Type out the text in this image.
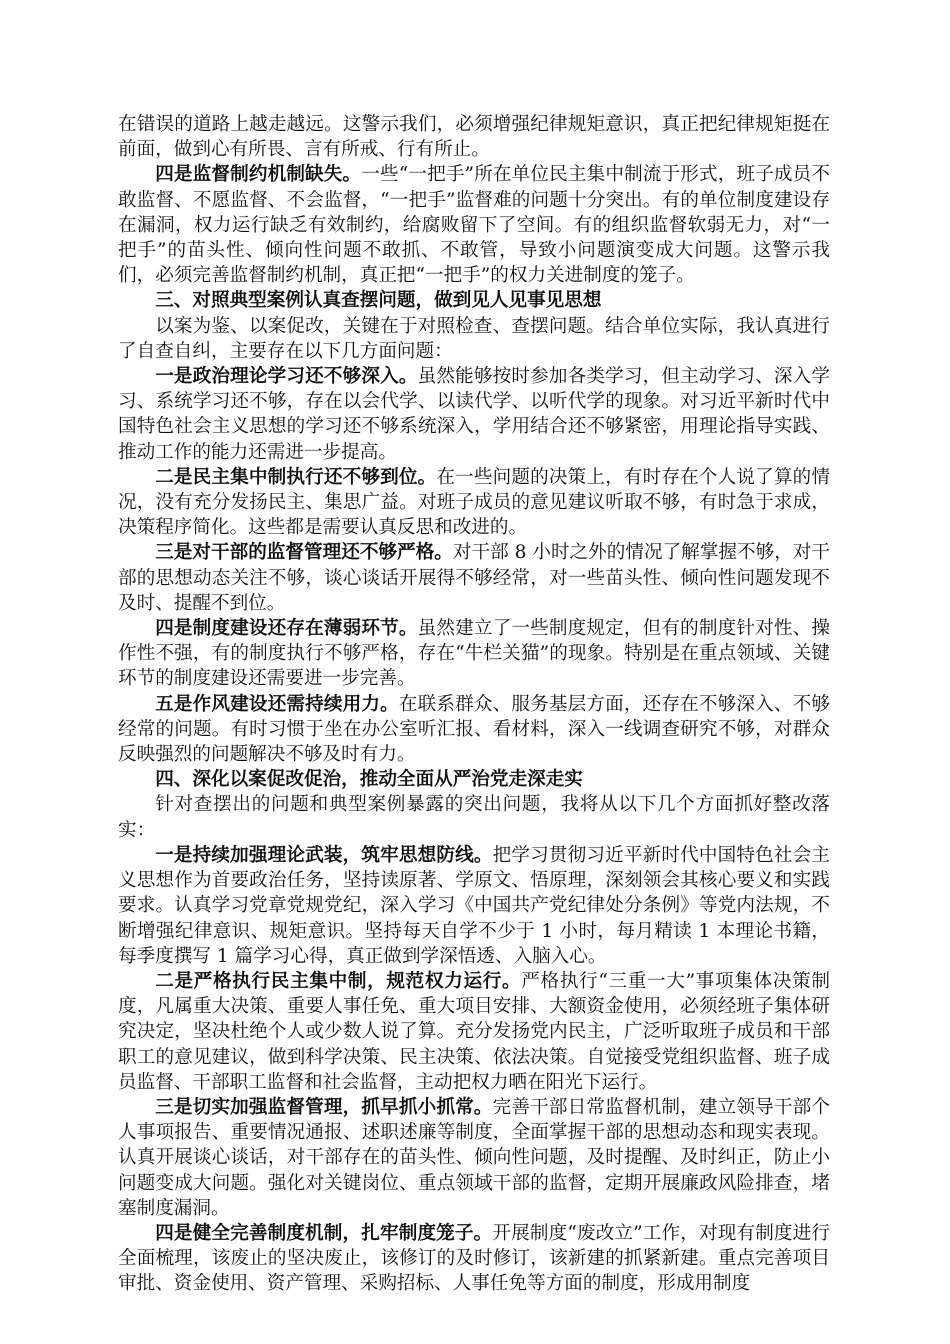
在错误的道路上越走越远。这警示我们，必须增强纪律规矩意识，真正把纪律规矩挺在前面，做到心有所畏、言有所戒、行有所止。

四是监督制约机制缺失。一些“一把手”所在单位民主集中制流于形式，班子成员不敢监督、不愿监督、不会监督，“一把手”监督难的问题十分突出。有的单位制度建设存在漏洞，权力运行缺乏有效制约，给腐败留下了空间。有的组织监督软弱无力，对“一把手”的苗头性、倾向性问题不敢抓、不敢管，导致小问题演变成大问题。这警示我们，必须完善监督制约机制，真正把“一把手”的权力关进制度的笼子。

三、对照典型案例认真查摆问题，做到见人见事见思想

以案为鉴、以案促改，关键在于对照检查、查摆问题。结合单位实际，我认真进行了自查自纠，主要存在以下几方面问题：

一是政治理论学习还不够深入。虽然能够按时参加各类学习，但主动学习、深入学习、系统学习还不够，存在以会代学、以读代学、以听代学的现象。对习近平新时代中国特色社会主义思想的学习还不够系统深入，学用结合还不够紧密，用理论指导实践、推动工作的能力还需进一步提高。

二是民主集中制执行还不够到位。在一些问题的决策上，有时存在个人说了算的情况，没有充分发扬民主、集思广益。对班子成员的意见建议听取不够，有时急于求成，决策程序简化。这些都是需要认真反思和改进的。

三是对干部的监督管理还不够严格。对干部 8 小时之外的情况了解掌握不够，对干部的思想动态关注不够，谈心谈话开展得不够经常，对一些苗头性、倾向性问题发现不及时、提醒不到位。

四是制度建设还存在薄弱环节。虽然建立了一些制度规定，但有的制度针对性、操作性不强，有的制度执行不够严格，存在“牛栏关猫”的现象。特别是在重点领域、关键环节的制度建设还需要进一步完善。

五是作风建设还需持续用力。在联系群众、服务基层方面，还存在不够深入、不够经常的问题。有时习惯于坐在办公室听汇报、看材料，深入一线调查研究不够，对群众反映强烈的问题解决不够及时有力。

四、深化以案促改促治，推动全面从严治党走深走实

针对查摆出的问题和典型案例暴露的突出问题，我将从以下几个方面抓好整改落实：

一是持续加强理论武装，筑牢思想防线。把学习贯彻习近平新时代中国特色社会主义思想作为首要政治任务，坚持读原著、学原文、悟原理，深刻领会其核心要义和实践要求。认真学习党章党规党纪，深入学习《中国共产党纪律处分条例》等党内法规，不断增强纪律意识、规矩意识。坚持每天自学不少于 1 小时，每月精读 1 本理论书籍，每季度撰写 1 篇学习心得，真正做到学深悟透、入脑入心。

二是严格执行民主集中制，规范权力运行。严格执行“三重一大”事项集体决策制度，凡属重大决策、重要人事任免、重大项目安排、大额资金使用，必须经班子集体研究决定，坚决杜绝个人或少数人说了算。充分发扬党内民主，广泛听取班子成员和干部职工的意见建议，做到科学决策、民主决策、依法决策。自觉接受党组织监督、班子成员监督、干部职工监督和社会监督，主动把权力晒在阳光下运行。

三是切实加强监督管理，抓早抓小抓常。完善干部日常监督机制，建立领导干部个人事项报告、重要情况通报、述职述廉等制度，全面掌握干部的思想动态和现实表现。认真开展谈心谈话，对干部存在的苗头性、倾向性问题，及时提醒、及时纠正，防止小问题变成大问题。强化对关键岗位、重点领域干部的监督，定期开展廉政风险排查，堵塞制度漏洞。

四是健全完善制度机制，扎牢制度笼子。开展制度“废改立”工作，对现有制度进行全面梳理，该废止的坚决废止，该修订的及时修订，该新建的抓紧新建。重点完善项目审批、资金使用、资产管理、采购招标、人事任免等方面的制度，形成用制度
